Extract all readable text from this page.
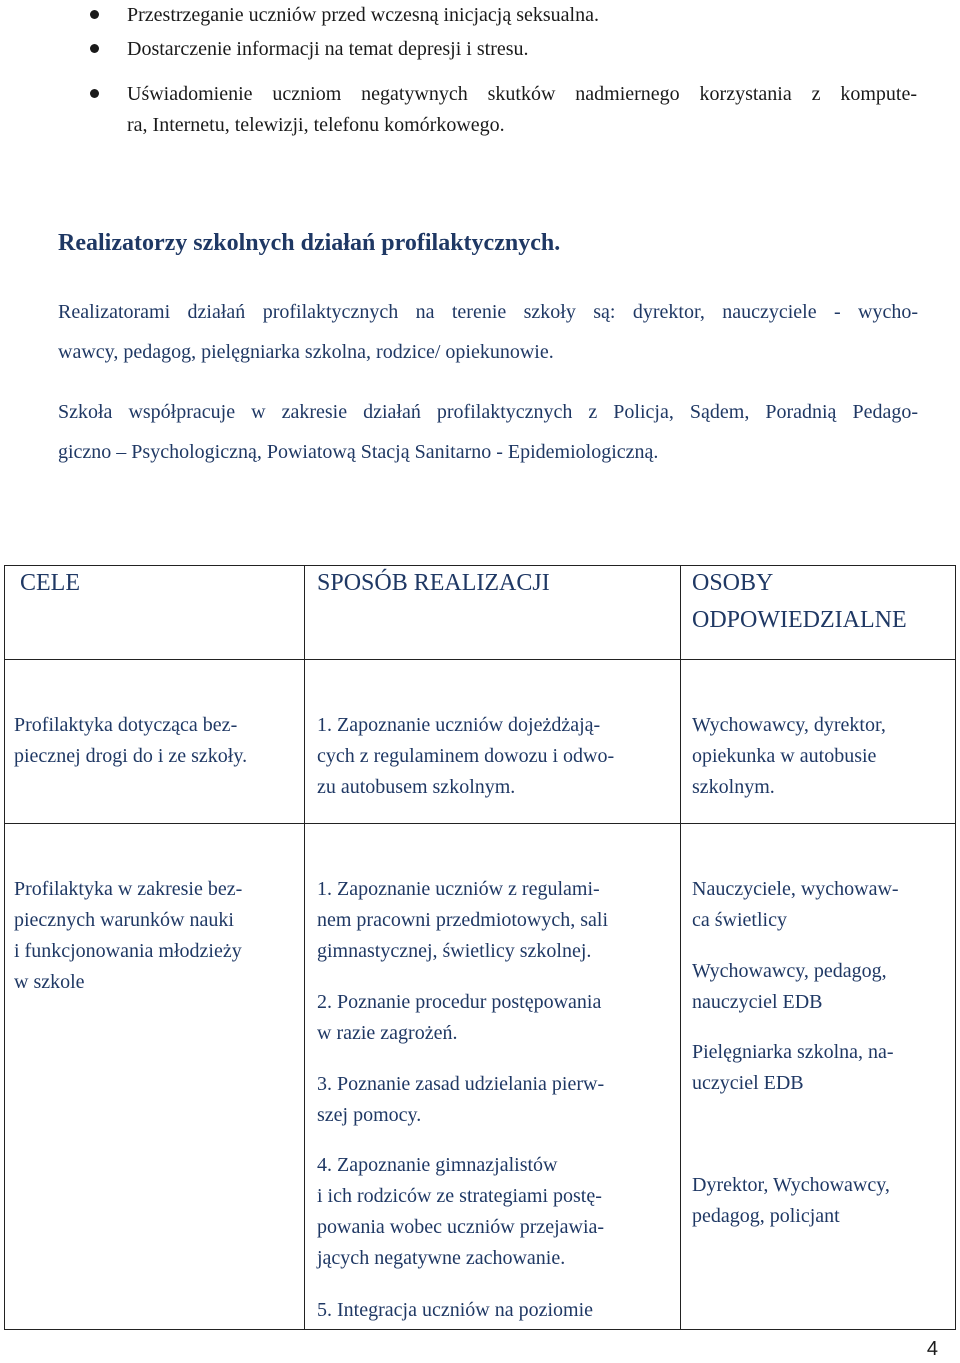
Przestrzeganie uczniów przed wczesną inicjacją seksualna.
Dostarczenie informacji na temat depresji i stresu.
Uświadomienie uczniom negatywnych skutków nadmiernego korzystania z kompute-
ra, Internetu, telewizji, telefonu komórkowego.
Realizatorzy szkolnych działań profilaktycznych.
Realizatorami działań profilaktycznych na terenie szkoły są: dyrektor, nauczyciele - wycho-
wawcy, pedagog, pielęgniarka szkolna, rodzice/ opiekunowie.
Szkoła współpracuje w zakresie działań profilaktycznych z Policja, Sądem, Poradnią Pedago-
giczno – Psychologiczną, Powiatową Stacją Sanitarno - Epidemiologiczną.
CELE	SPOSÓB REALIZACJI	OSOBY
ODPOWIEDZIALNE
Profilaktyka dotycząca bez-
piecznej drogi do i ze szkoły.
1. Zapoznanie uczniów dojeżdżają-
cych z regulaminem dowozu i odwo-
zu autobusem szkolnym.
Wychowawcy, dyrektor,
opiekunka w autobusie
szkolnym.
Profilaktyka w zakresie bez-
piecznych warunków nauki
i funkcjonowania młodzieży
w szkole
1. Zapoznanie uczniów z regulami-
nem pracowni przedmiotowych, sali
gimnastycznej, świetlicy szkolnej.
2. Poznanie procedur postępowania
w razie zagrożeń.
3. Poznanie zasad udzielania pierw-
szej pomocy.
4. Zapoznanie gimnazjalistów
i ich rodziców ze strategiami postę-
powania wobec uczniów przejawia-
jących negatywne zachowanie.
5. Integracja uczniów na poziomie
Nauczyciele, wychowaw-
ca świetlicy
Wychowawcy, pedagog,
nauczyciel EDB
Pielęgniarka szkolna, na-
uczyciel EDB
Dyrektor, Wychowawcy,
pedagog, policjant
4
